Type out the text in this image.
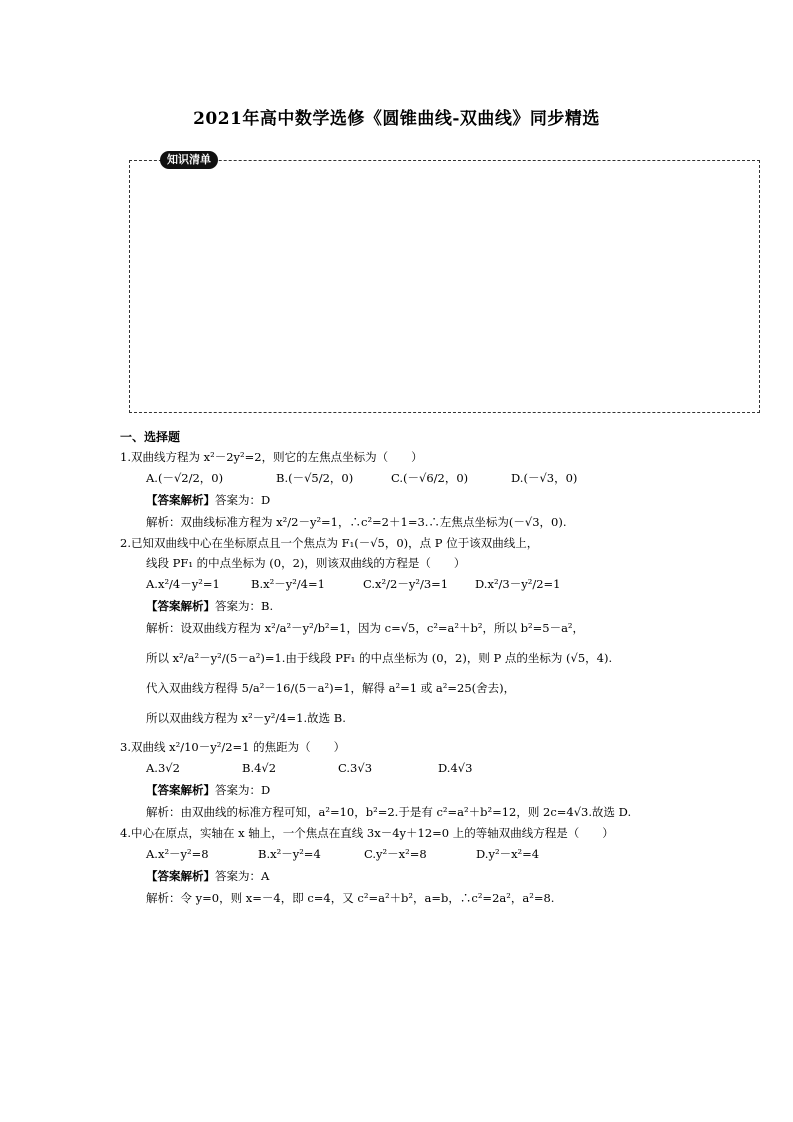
2021年高中数学选修《圆锥曲线-双曲线》同步精选
知识清单
一、选择题
1.双曲线方程为 x²－2y²=2，则它的左焦点坐标为（　　）
A.(－√2/2，0)	B.(－√5/2，0)	C.(－√6/2，0)	D.(－√3，0)
【答案解析】答案为：D
解析：双曲线标准方程为 x²/2－y²=1，∴c²=2＋1=3.∴左焦点坐标为(－√3，0).
2.已知双曲线中心在坐标原点且一个焦点为 F₁(－√5，0)，点 P 位于该双曲线上，
线段 PF₁ 的中点坐标为 (0，2)，则该双曲线的方程是（　　）
A.x²/4－y²=1	B.x²－y²/4=1	C.x²/2－y²/3=1	D.x²/3－y²/2=1
【答案解析】答案为：B.
解析：设双曲线方程为 x²/a²－y²/b²=1，因为 c=√5，c²=a²＋b²，所以 b²=5－a²，
所以 x²/a²－y²/(5－a²)=1.由于线段 PF₁ 的中点坐标为 (0，2)，则 P 点的坐标为 (√5，4).
代入双曲线方程得 5/a²－16/(5－a²)=1，解得 a²=1 或 a²=25(舍去)，
所以双曲线方程为 x²－y²/4=1.故选 B.
3.双曲线 x²/10－y²/2=1 的焦距为（　　）
A.3√2	B.4√2	C.3√3	D.4√3
【答案解析】答案为：D
解析：由双曲线的标准方程可知，a²=10，b²=2.于是有 c²=a²＋b²=12，则 2c=4√3.故选 D.
4.中心在原点，实轴在 x 轴上，一个焦点在直线 3x－4y＋12=0 上的等轴双曲线方程是（　　）
A.x²－y²=8	B.x²－y²=4	C.y²－x²=8	D.y²－x²=4
【答案解析】答案为：A
解析：令 y=0，则 x=－4，即 c=4，又 c²=a²＋b²，a=b，∴c²=2a²，a²=8.
